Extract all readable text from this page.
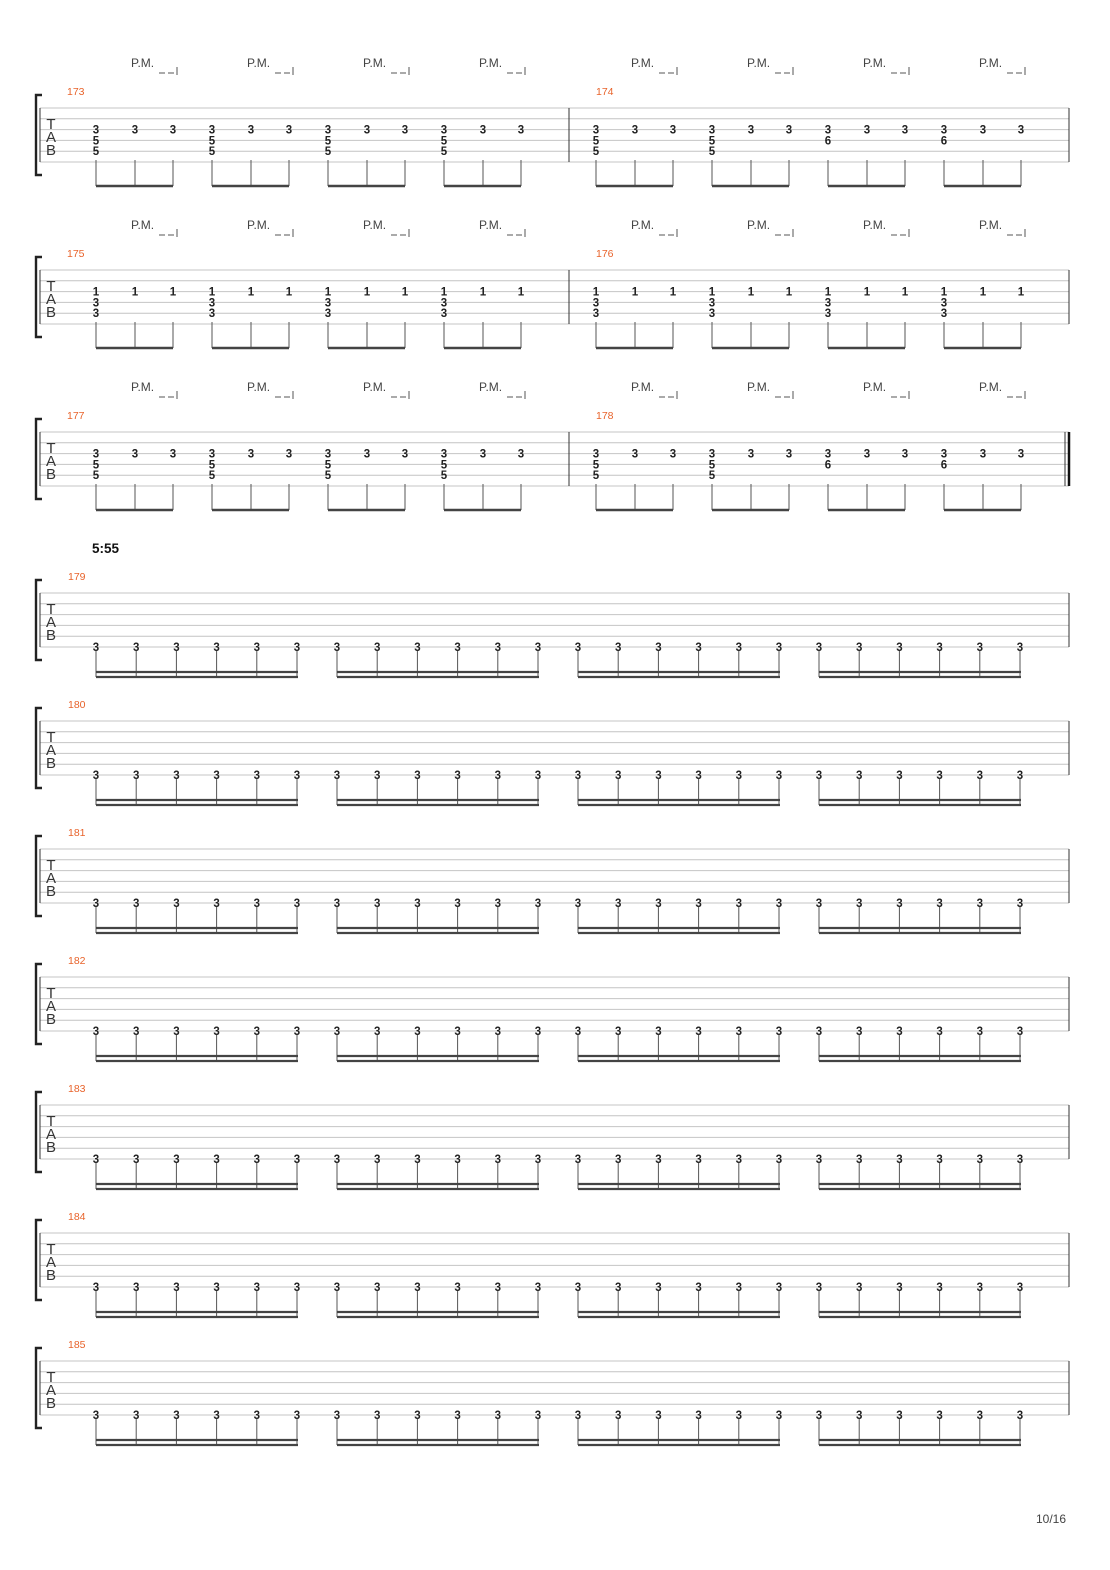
5:55
10/16
T
A
B
173
P.M.
3
5
5
3	3
P.M.
3
5
5
3	3
P.M.
3
5
5
3	3
P.M.
3
5
5
3	3
174
P.M.
3
5
5
3	3
P.M.
3
5
5
3	3
P.M.
3
6
3	3
P.M.
3
6
3	3
T
A
B
175
P.M.
1
3
3
1	1
P.M.
1
3
3
1	1
P.M.
1
3
3
1	1
P.M.
1
3
3
1	1
176
P.M.
1
3
3
1	1
P.M.
1
3
3
1	1
P.M.
1
3
3
1	1
P.M.
1
3
3
1	1
T
A
B
177
P.M.
3
5
5
3	3
P.M.
3
5
5
3	3
P.M.
3
5
5
3	3
P.M.
3
5
5
3	3
178
P.M.
3
5
5
3	3
P.M.
3
5
5
3	3
P.M.
3
6
3	3
P.M.
3
6
3	3
T
A
B
179
3	3	3	3	3	3	3	3	3	3	3	3	3	3	3	3	3	3	3	3	3	3	3	3
T
A
B
180
3	3	3	3	3	3	3	3	3	3	3	3	3	3	3	3	3	3	3	3	3	3	3	3
T
A
B
181
3	3	3	3	3	3	3	3	3	3	3	3	3	3	3	3	3	3	3	3	3	3	3	3
T
A
B
182
3	3	3	3	3	3	3	3	3	3	3	3	3	3	3	3	3	3	3	3	3	3	3	3
T
A
B
183
3	3	3	3	3	3	3	3	3	3	3	3	3	3	3	3	3	3	3	3	3	3	3	3
T
A
B
184
3	3	3	3	3	3	3	3	3	3	3	3	3	3	3	3	3	3	3	3	3	3	3	3
T
A
B
185
3	3	3	3	3	3	3	3	3	3	3	3	3	3	3	3	3	3	3	3	3	3	3	3
